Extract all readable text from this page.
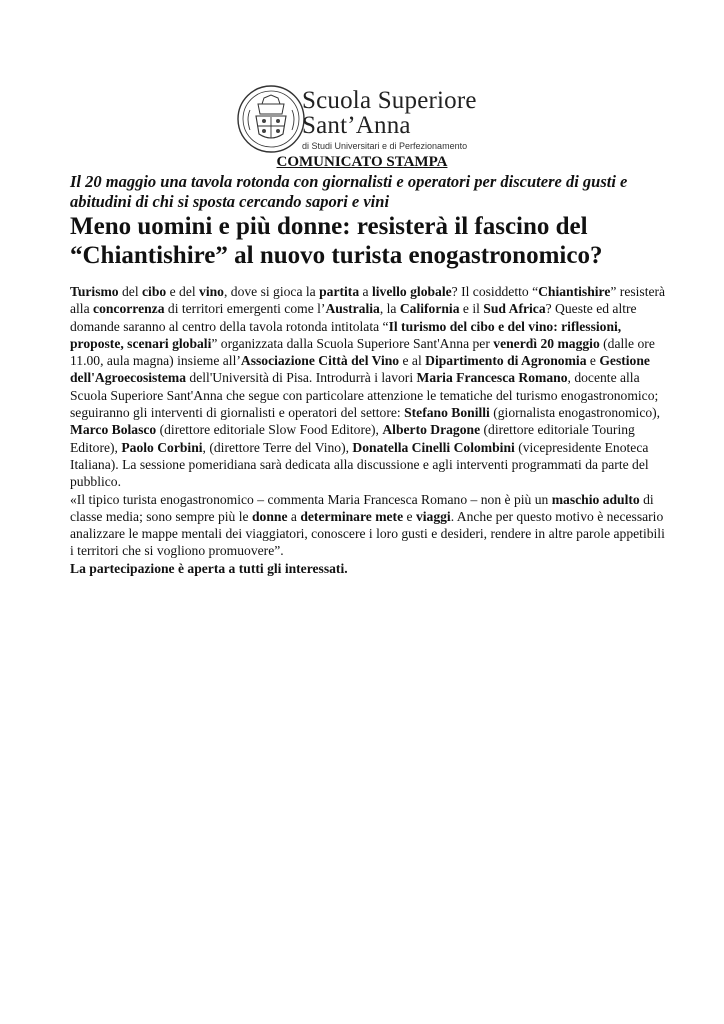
Scuola Superiore
Sant’Anna
di Studi Universitari e di Perfezionamento
COMUNICATO STAMPA
Il 20 maggio una tavola rotonda con giornalisti e operatori per discutere di gusti e abitudini di chi si sposta cercando sapori e vini
Meno uomini e più donne: resisterà il fascino del “Chiantishire” al nuovo turista enogastronomico?

Turismo del cibo e del vino, dove si gioca la partita a livello globale? Il cosiddetto “Chiantishire” resisterà alla concorrenza di territori emergenti come l’Australia, la California e il Sud Africa? Queste ed altre domande saranno al centro della tavola rotonda intitolata “Il turismo del cibo e del vino: riflessioni, proposte, scenari globali” organizzata dalla Scuola Superiore Sant'Anna per venerdì 20 maggio (dalle ore 11.00, aula magna) insieme all’Associazione Città del Vino e al Dipartimento di Agronomia e Gestione dell'Agroecosistema dell'Università di Pisa. Introdurrà i lavori Maria Francesca Romano, docente alla Scuola Superiore Sant'Anna che segue con particolare attenzione le tematiche del turismo enogastronomico; seguiranno gli interventi di giornalisti e operatori del settore: Stefano Bonilli (giornalista enogastronomico), Marco Bolasco (direttore editoriale Slow Food Editore), Alberto Dragone (direttore editoriale Touring Editore), Paolo Corbini, (direttore Terre del Vino), Donatella Cinelli Colombini (vicepresidente Enoteca Italiana). La sessione pomeridiana sarà dedicata alla discussione e agli interventi programmati da parte del pubblico.

«Il tipico turista enogastronomico – commenta Maria Francesca Romano – non è più un maschio adulto di classe media; sono sempre più le donne a determinare mete e viaggi. Anche per questo motivo è necessario analizzare le mappe mentali dei viaggiatori, conoscere i loro gusti e desideri, rendere in altre parole appetibili i territori che si vogliono promuovere”.

La partecipazione è aperta a tutti gli interessati.
